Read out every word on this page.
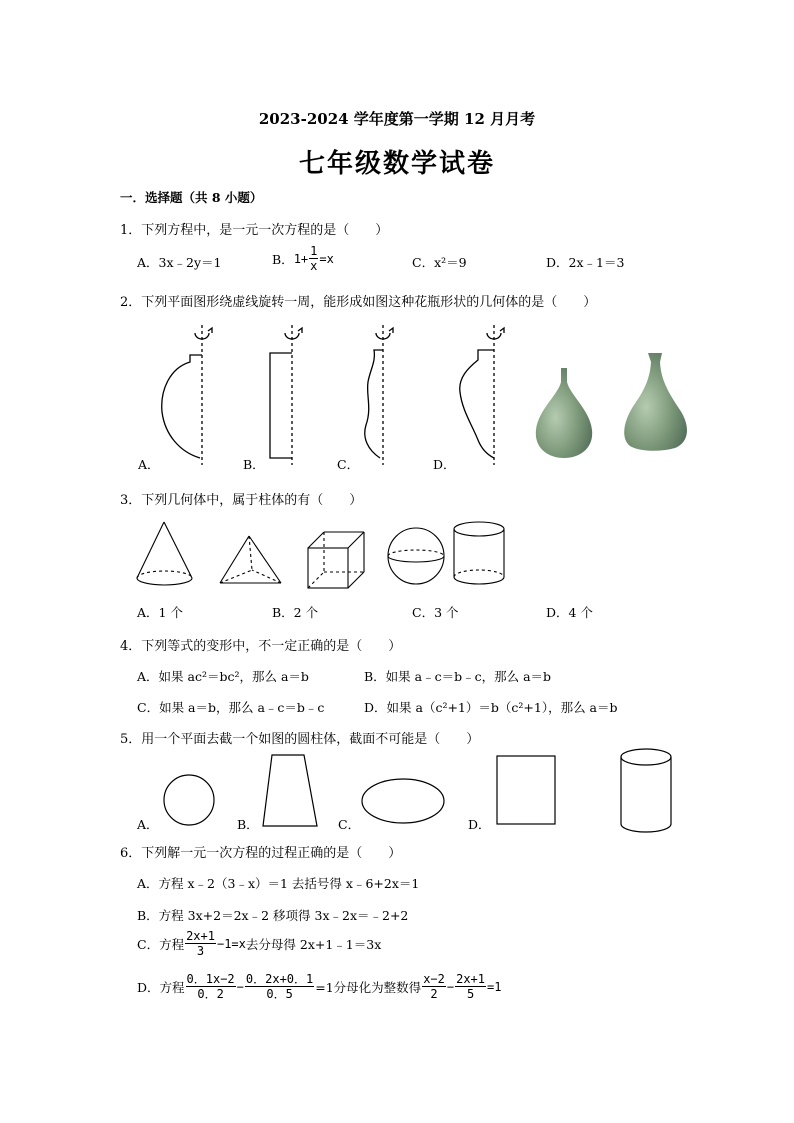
2023-2024 学年度第一学期 12 月月考
七年级数学试卷
一．选择题（共 8 小题）
1．下列方程中，是一元一次方程的是（　　）
A．3x﹣2y＝1	B． $1+ \frac{1}{x} =x$	C．x²＝9	D．2x﹣1＝3
2．下列平面图形绕虚线旋转一周，能形成如图这种花瓶形状的几何体的是（　　）
A．	B．	C．	D．
3．下列几何体中，属于柱体的有（　　）
A．1 个	B．2 个	C．3 个	D．4 个
4．下列等式的变形中，不一定正确的是（　　）
A．如果 ac²＝bc²，那么 a＝b	B．如果 a﹣c＝b﹣c，那么 a＝b
C．如果 a＝b，那么 a﹣c＝b﹣c	D．如果 a（c²+1）＝b（c²+1），那么 a＝b
5．用一个平面去截一个如图的圆柱体，截面不可能是（　　）
A．	B．	C．	D．
6．下列解一元一次方程的过程正确的是（　　）
A．方程 x﹣2（3﹣x）＝1 去括号得 x﹣6+2x＝1
B．方程 3x+2＝2x﹣2 移项得 3x﹣2x＝﹣2+2
C．方程 $\frac{2x+1}{3} -1=x$ 去分母得 2x+1﹣1＝3x
D．方程 $\frac{0.1x-2}{0.2} - \frac{0.2x+0.1}{0.5} =1$分母化为整数得 $\frac{x-2}{2} - \frac{2x+1}{5} =1$
